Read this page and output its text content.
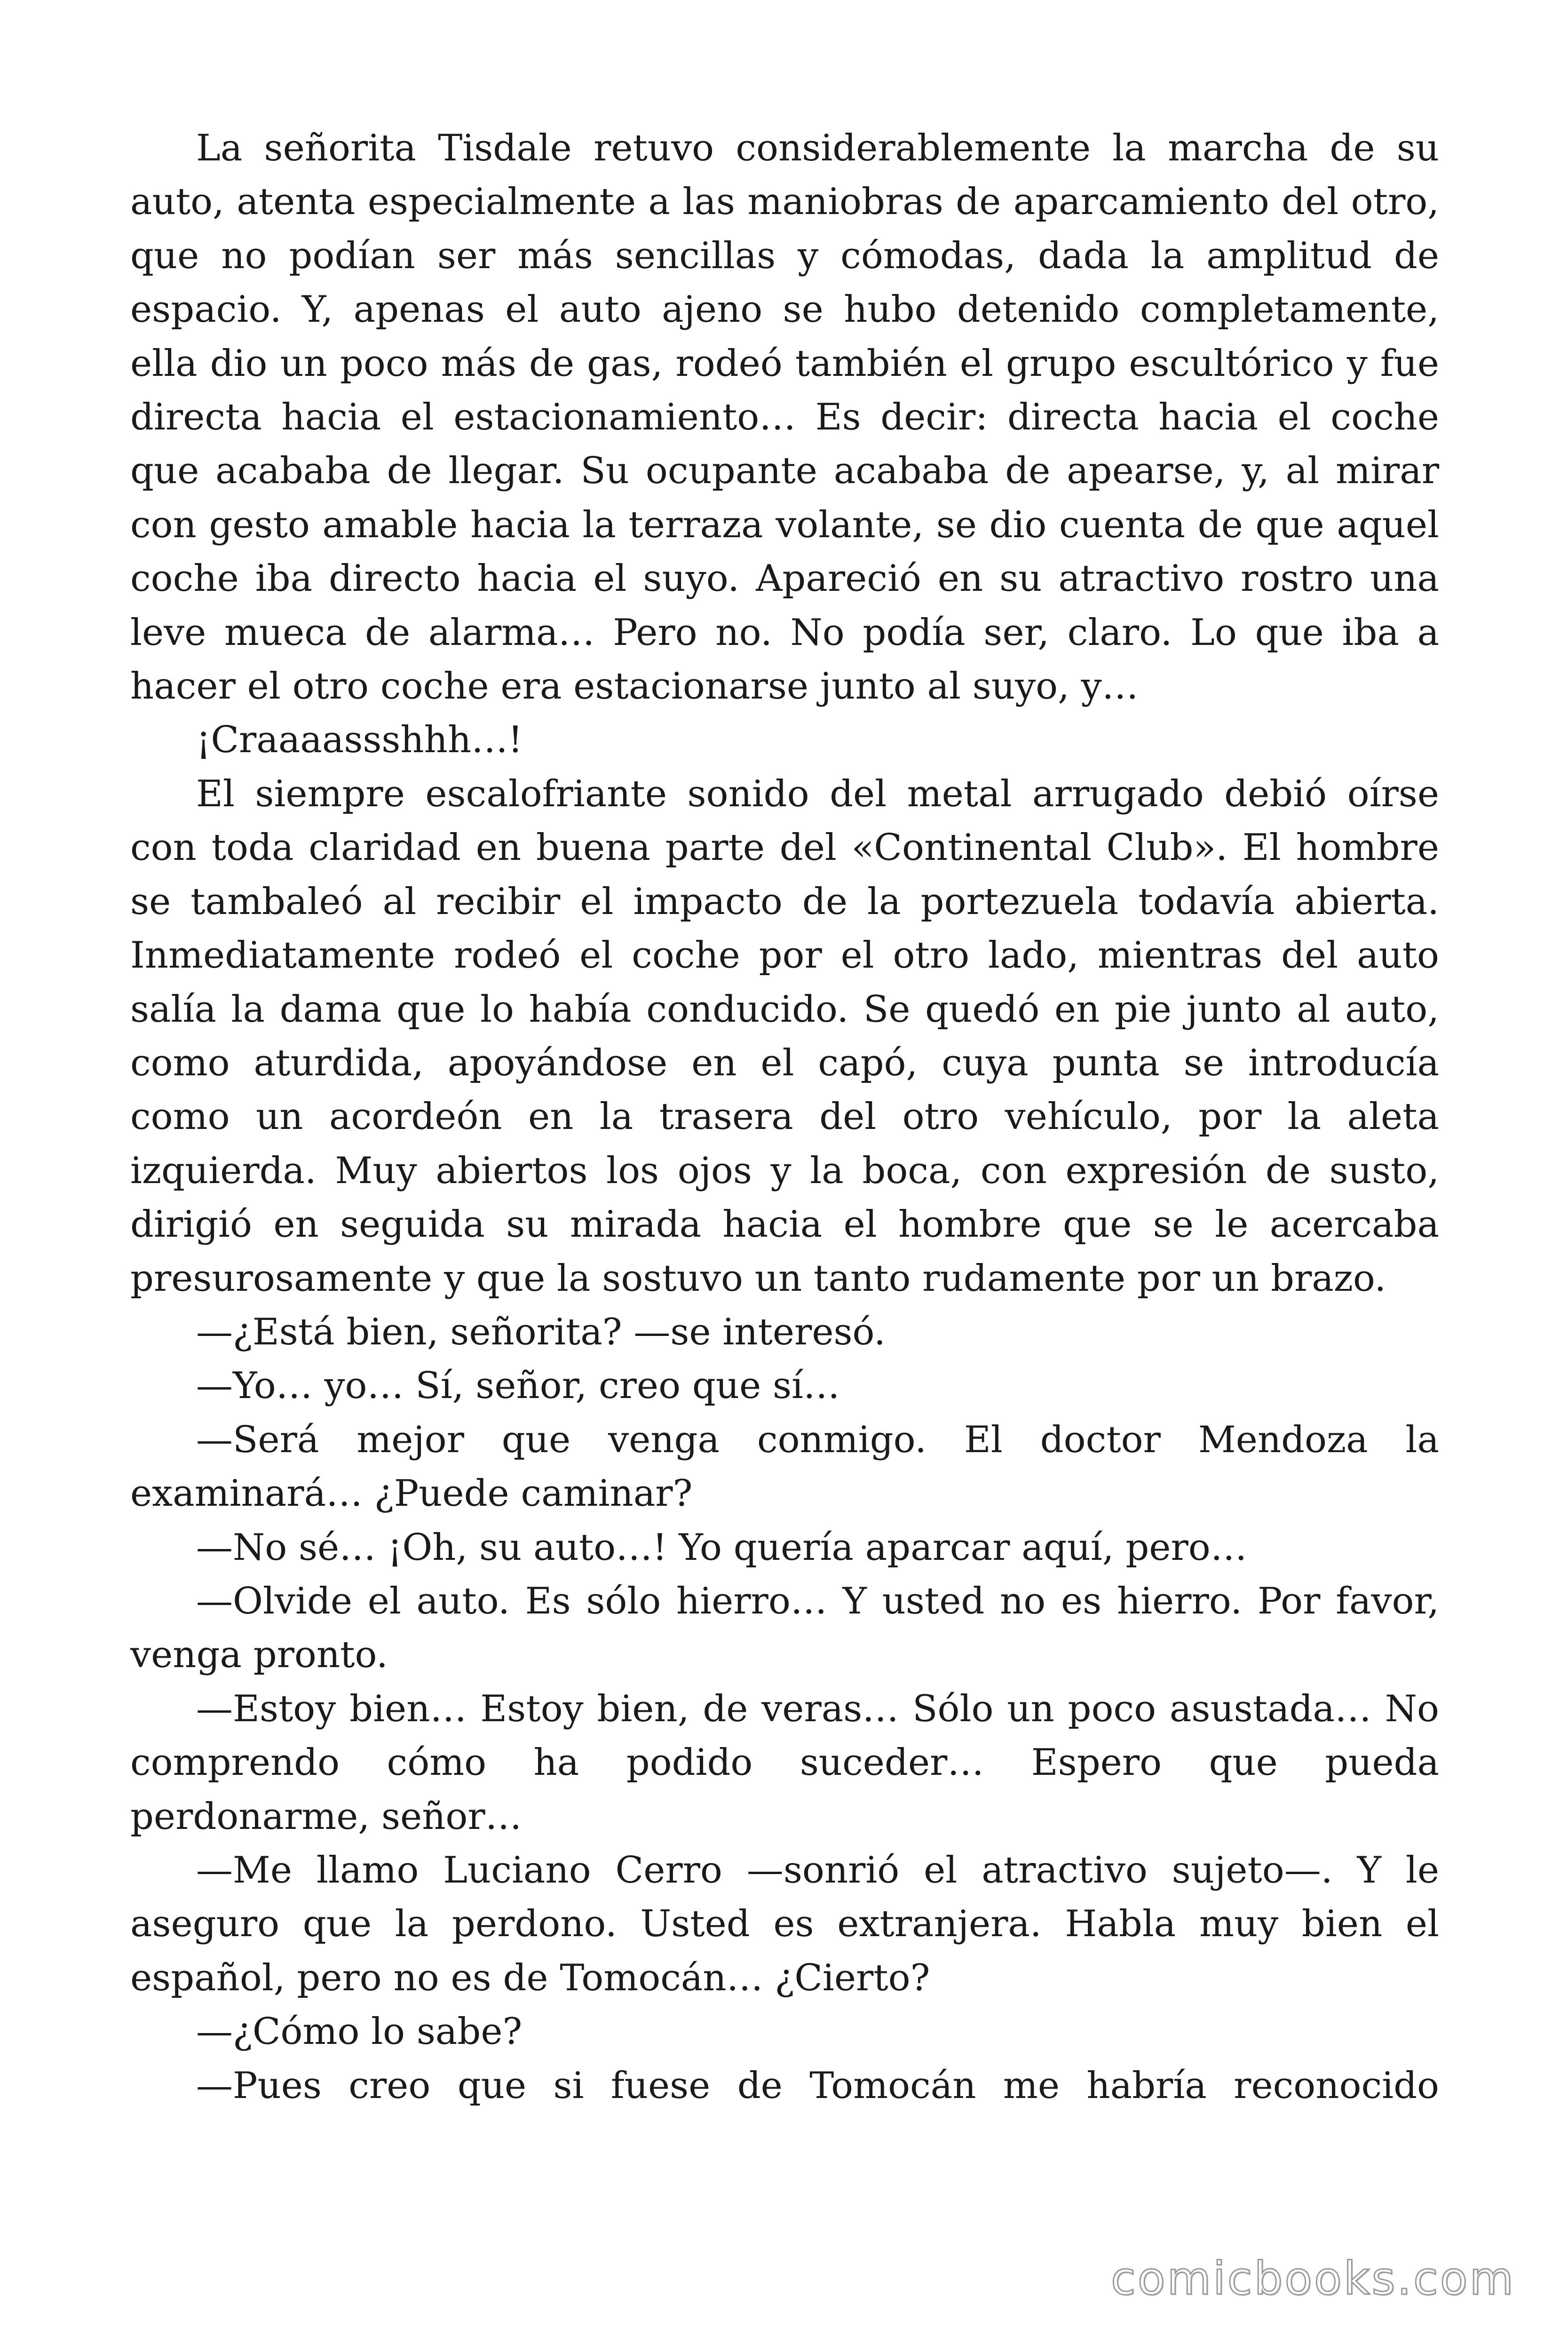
La señorita Tisdale retuvo considerablemente la marcha de su auto, atenta especialmente a las maniobras de aparcamiento del otro, que no podían ser más sencillas y cómodas, dada la amplitud de espacio. Y, apenas el auto ajeno se hubo detenido completamente, ella dio un poco más de gas, rodeó también el grupo escultórico y fue directa hacia el estacionamiento… Es decir: directa hacia el coche que acababa de llegar. Su ocupante acababa de apearse, y, al mirar con gesto amable hacia la terraza volante, se dio cuenta de que aquel coche iba directo hacia el suyo. Apareció en su atractivo rostro una leve mueca de alarma… Pero no. No podía ser, claro. Lo que iba a hacer el otro coche era estacionarse junto al suyo, y…

¡Craaaassshhh…!

El siempre escalofriante sonido del metal arrugado debió oírse con toda claridad en buena parte del «Continental Club». El hombre se tambaleó al recibir el impacto de la portezuela todavía abierta. Inmediatamente rodeó el coche por el otro lado, mientras del auto salía la dama que lo había conducido. Se quedó en pie junto al auto, como aturdida, apoyándose en el capó, cuya punta se introducía como un acordeón en la trasera del otro vehículo, por la aleta izquierda. Muy abiertos los ojos y la boca, con expresión de susto, dirigió en seguida su mirada hacia el hombre que se le acercaba presurosamente y que la sostuvo un tanto rudamente por un brazo.

—¿Está bien, señorita? —se interesó.

—Yo… yo… Sí, señor, creo que sí…

—Será mejor que venga conmigo. El doctor Mendoza la examinará… ¿Puede caminar?

—No sé… ¡Oh, su auto…! Yo quería aparcar aquí, pero…

—Olvide el auto. Es sólo hierro… Y usted no es hierro. Por favor, venga pronto.

—Estoy bien… Estoy bien, de veras… Sólo un poco asustada… No comprendo cómo ha podido suceder… Espero que pueda perdonarme, señor…

—Me llamo Luciano Cerro —sonrió el atractivo sujeto—. Y le aseguro que la perdono. Usted es extranjera. Habla muy bien el español, pero no es de Tomocán… ¿Cierto?

—¿Cómo lo sabe?

—Pues creo que si fuese de Tomocán me habría reconocido

comicbooks.com
